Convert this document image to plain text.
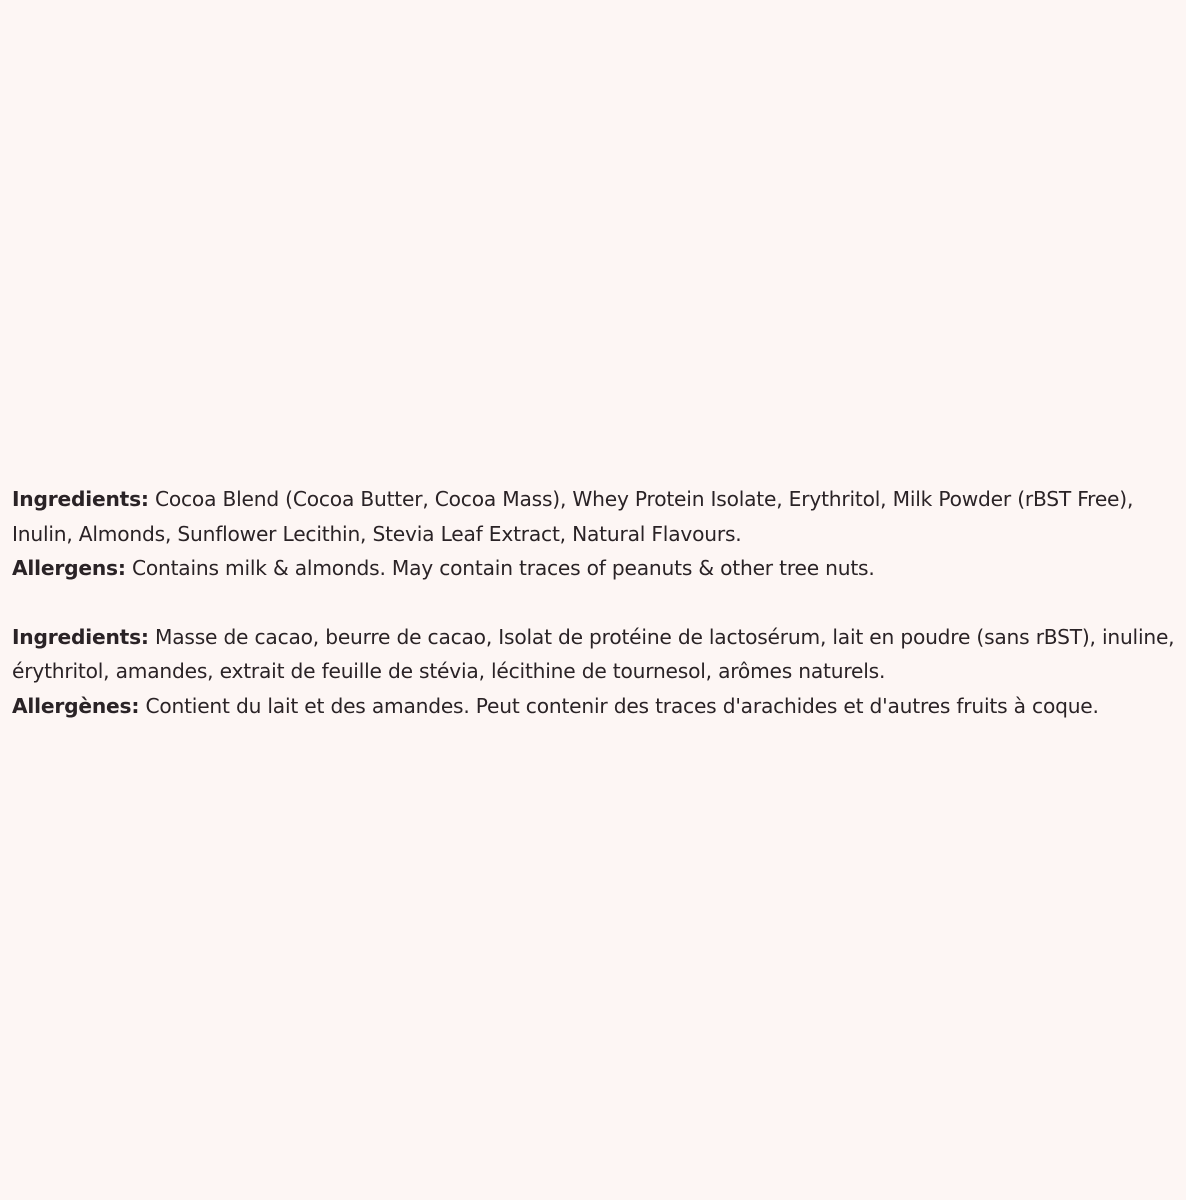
Ingredients: Cocoa Blend (Cocoa Butter, Cocoa Mass), Whey Protein Isolate, Erythritol, Milk Powder (rBST Free), Inulin, Almonds, Sunflower Lecithin, Stevia Leaf Extract, Natural Flavours.

Allergens: Contains milk & almonds. May contain traces of peanuts & other tree nuts.

Ingredients: Masse de cacao, beurre de cacao, Isolat de protéine de lactosérum, lait en poudre (sans rBST), inuline, érythritol, amandes, extrait de feuille de stévia, lécithine de tournesol, arômes naturels.

Allergènes: Contient du lait et des amandes. Peut contenir des traces d'arachides et d'autres fruits à coque.
